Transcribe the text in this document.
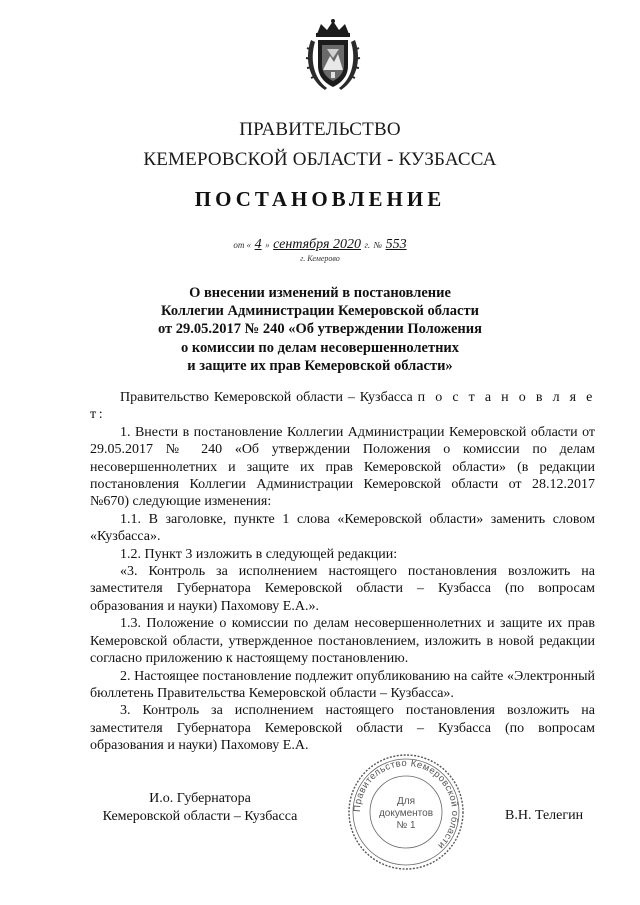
ПРАВИТЕЛЬСТВО
КЕМЕРОВСКОЙ ОБЛАСТИ - КУЗБАССА
ПОСТАНОВЛЕНИЕ
от « 4 » сентября 2020 г. № 553
г. Кемерово
О внесении изменений в постановление
Коллегии Администрации Кемеровской области
от 29.05.2017 № 240 «Об утверждении Положения
о комиссии по делам несовершеннолетних
и защите их прав Кемеровской области»

Правительство Кемеровской области – Кузбасса п о с т а н о в л я е т:

1. Внести в постановление Коллегии Администрации Кемеровской области от 29.05.2017 № 240 «Об утверждении Положения о комиссии по делам несовершеннолетних и защите их прав Кемеровской области» (в редакции постановления Коллегии Администрации Кемеровской области от 28.12.2017 №670) следующие изменения:

1.1. В заголовке, пункте 1 слова «Кемеровской области» заменить словом «Кузбасса».

1.2. Пункт 3 изложить в следующей редакции:

«3. Контроль за исполнением настоящего постановления возложить на заместителя Губернатора Кемеровской области – Кузбасса (по вопросам образования и науки) Пахомову Е.А.».

1.3. Положение о комиссии по делам несовершеннолетних и защите их прав Кемеровской области, утвержденное постановлением, изложить в новой редакции согласно приложению к настоящему постановлению.

2. Настоящее постановление подлежит опубликованию на сайте «Электронный бюллетень Правительства Кемеровской области – Кузбасса».

3. Контроль за исполнением настоящего постановления возложить на заместителя Губернатора Кемеровской области – Кузбасса (по вопросам образования и науки) Пахомову Е.А.

И.о. Губернатора
Кемеровской области – Кузбасса	В.Н. Телегин
Правительство Кемеровской области
Для
документов
№ 1
